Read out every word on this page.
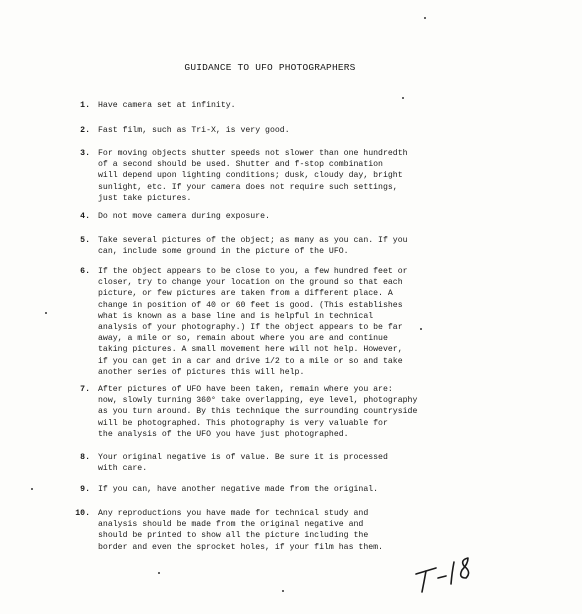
GUIDANCE TO UFO PHOTOGRAPHERS
1. Have camera set at infinity.
2. Fast film, such as Tri-X, is very good.
3. For moving objects shutter speeds not slower than one hundredth
of a second should be used. Shutter and f-stop combination
will depend upon lighting conditions; dusk, cloudy day, bright
sunlight, etc. If your camera does not require such settings,
just take pictures.
4. Do not move camera during exposure.
5. Take several pictures of the object; as many as you can. If you
can, include some ground in the picture of the UFO.
6. If the object appears to be close to you, a few hundred feet or
closer, try to change your location on the ground so that each
picture, or few pictures are taken from a different place. A
change in position of 40 or 60 feet is good. (This establishes
what is known as a base line and is helpful in technical
analysis of your photography.) If the object appears to be far
away, a mile or so, remain about where you are and continue
taking pictures. A small movement here will not help. However,
if you can get in a car and drive 1/2 to a mile or so and take
another series of pictures this will help.
7. After pictures of UFO have been taken, remain where you are:
now, slowly turning 360° take overlapping, eye level, photography
as you turn around. By this technique the surrounding countryside
will be photographed. This photography is very valuable for
the analysis of the UFO you have just photographed.
8. Your original negative is of value. Be sure it is processed
with care.
9. If you can, have another negative made from the original.
10. Any reproductions you have made for technical study and
analysis should be made from the original negative and
should be printed to show all the picture including the
border and even the sprocket holes, if your film has them.
